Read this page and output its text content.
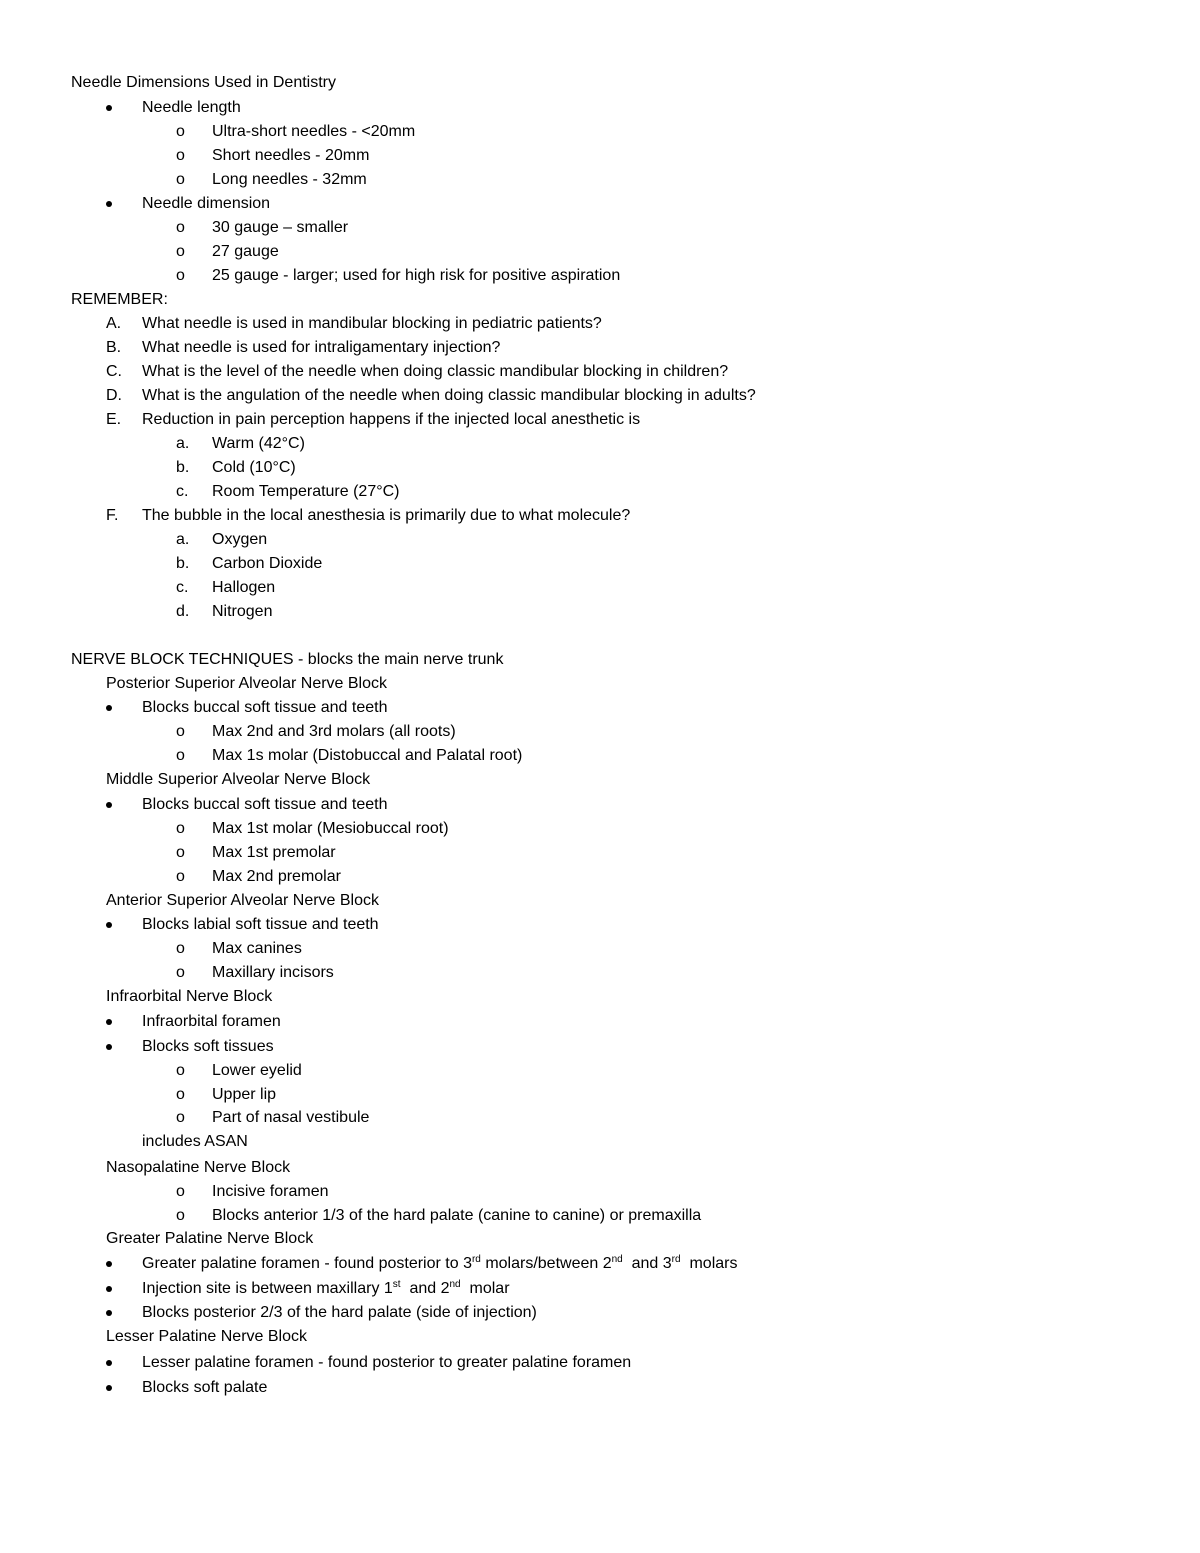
Needle Dimensions Used in Dentistry
Needle length
o Ultra-short needles - <20mm
o Short needles - 20mm
o Long needles - 32mm
Needle dimension
o 30 gauge – smaller
o 27 gauge
o 25 gauge - larger; used for high risk for positive aspiration
REMEMBER:
A. What needle is used in mandibular blocking in pediatric patients?
B. What needle is used for intraligamentary injection?
C. What is the level of the needle when doing classic mandibular blocking in children?
D. What is the angulation of the needle when doing classic mandibular blocking in adults?
E. Reduction in pain perception happens if the injected local anesthetic is
a. Warm (42°C)
b. Cold (10°C)
c. Room Temperature (27°C)
F. The bubble in the local anesthesia is primarily due to what molecule?
a. Oxygen
b. Carbon Dioxide
c. Hallogen
d. Nitrogen
NERVE BLOCK TECHNIQUES - blocks the main nerve trunk
Posterior Superior Alveolar Nerve Block
Blocks buccal soft tissue and teeth
o Max 2nd and 3rd molars (all roots)
o Max 1s molar (Distobuccal and Palatal root)
Middle Superior Alveolar Nerve Block
Blocks buccal soft tissue and teeth
o Max 1st molar (Mesiobuccal root)
o Max 1st premolar
o Max 2nd premolar
Anterior Superior Alveolar Nerve Block
Blocks labial soft tissue and teeth
o Max canines
o Maxillary incisors
Infraorbital Nerve Block
Infraorbital foramen
Blocks soft tissues
o Lower eyelid
o Upper lip
o Part of nasal vestibule
includes ASAN
Nasopalatine Nerve Block
o Incisive foramen
o Blocks anterior 1/3 of the hard palate (canine to canine) or premaxilla
Greater Palatine Nerve Block
Greater palatine foramen - found posterior to 3rd molars/between 2nd  and 3rd  molars
Injection site is between maxillary 1st  and 2nd  molar
Blocks posterior 2/3 of the hard palate (side of injection)
Lesser Palatine Nerve Block
Lesser palatine foramen - found posterior to greater palatine foramen
Blocks soft palate
